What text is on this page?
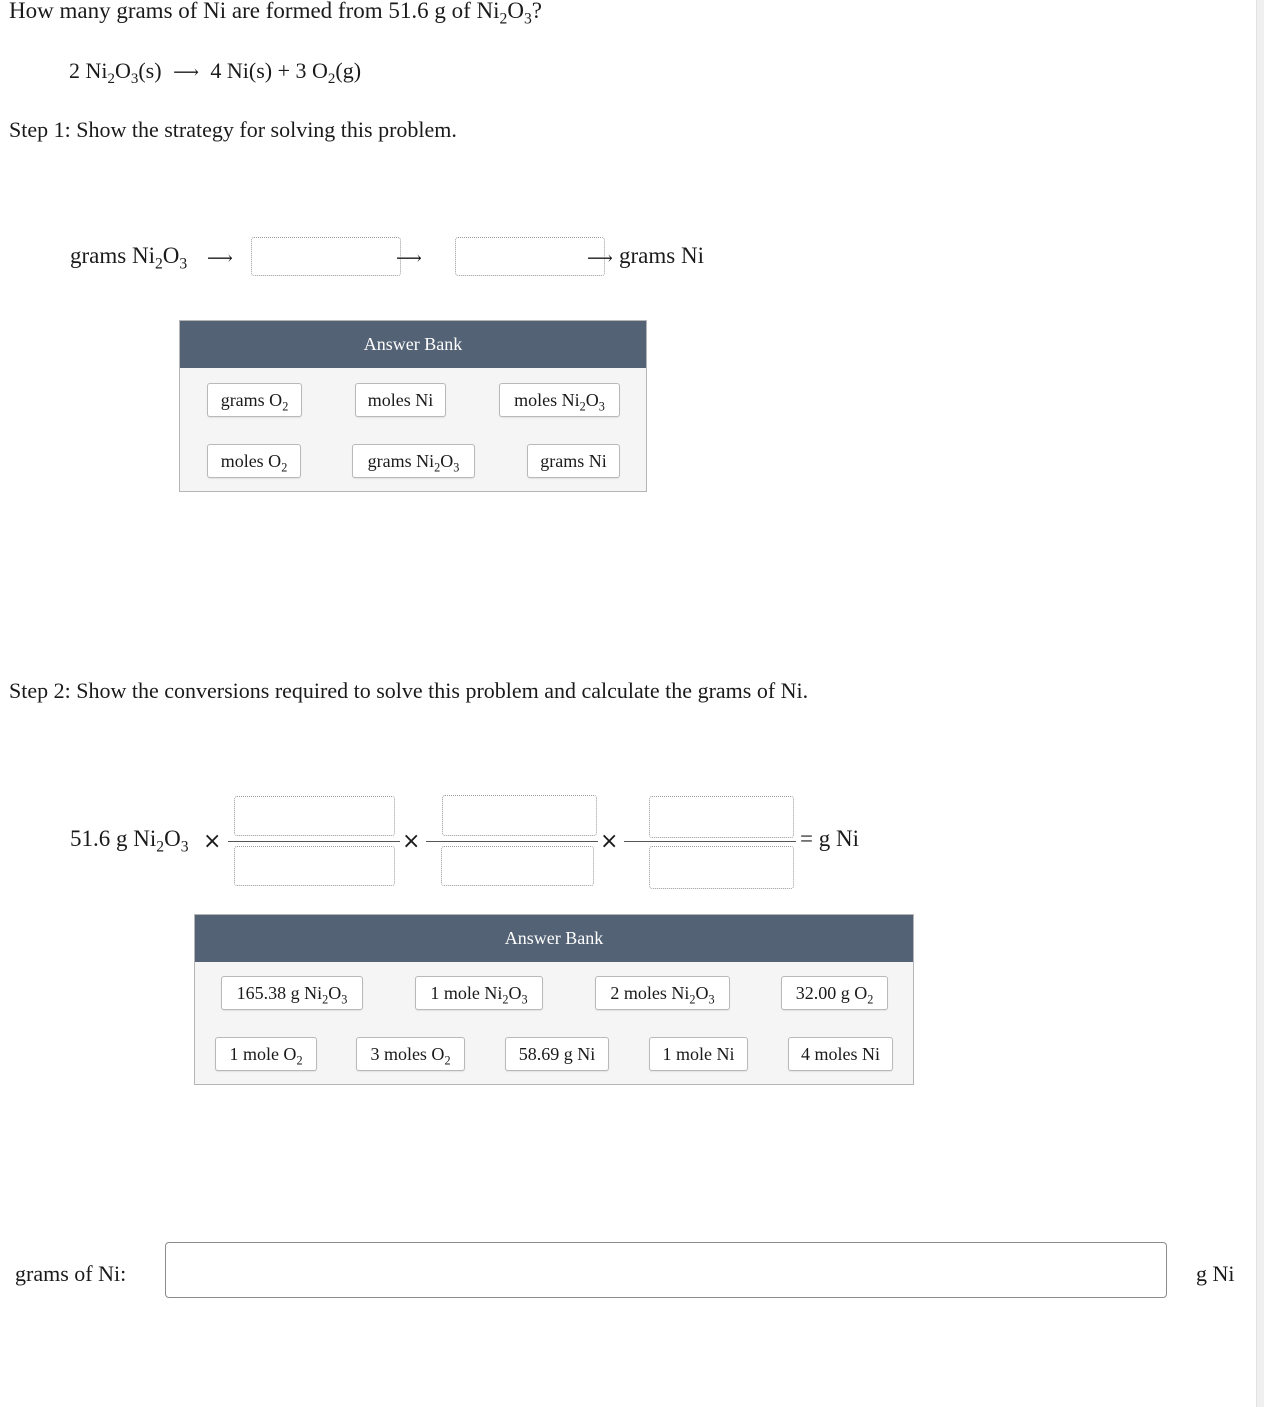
How many grams of Ni are formed from 51.6 g of $Ni_2O_3$?
2 $Ni_2O_3(s)$ ⟶ 4 Ni(s) + 3 $O_2(g)$
Step 1: Show the strategy for solving this problem.
grams $Ni_2O_3$ ⟶	⟶	⟶ grams Ni
Answer Bank
grams $O_2$	moles Ni	moles $Ni_2O_3$
moles $O_2$	grams $Ni_2O_3$	grams Ni
Step 2: Show the conversions required to solve this problem and calculate the grams of Ni.
51.6 g $Ni_2O_3$ ×	×	×	= g Ni
Answer Bank
165.38 g $Ni_2O_3$	1 mole $Ni_2O_3$	2 moles $Ni_2O_3$	32.00 g $O_2$
1 mole $O_2$	3 moles $O_2$	58.69 g Ni	1 mole Ni	4 moles Ni
grams of Ni:	g Ni
